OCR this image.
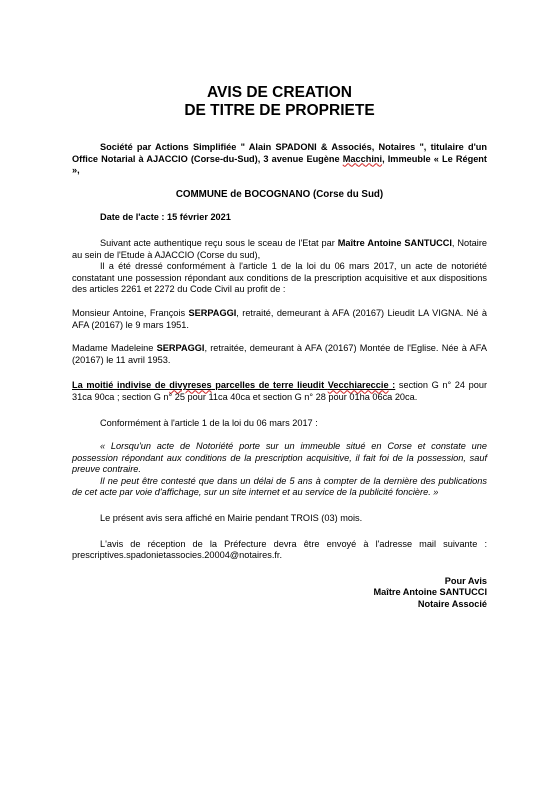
AVIS DE CREATION

DE TITRE DE PROPRIETE

Société par Actions Simplifiée " Alain SPADONI & Associés, Notaires ", titulaire d'un Office Notarial à AJACCIO (Corse-du-Sud), 3 avenue Eugène Macchini, Immeuble « Le Régent »,

COMMUNE de BOCOGNANO (Corse du Sud)

Date de l'acte : 15 février 2021

Suivant acte authentique reçu sous le sceau de l'Etat par Maître Antoine SANTUCCI, Notaire au sein de l'Etude à AJACCIO (Corse du sud),

Il a été dressé conformément à l'article 1 de la loi du 06 mars 2017, un acte de notoriété constatant une possession répondant aux conditions de la prescription acquisitive et aux dispositions des articles 2261 et 2272 du Code Civil au profit de :

Monsieur Antoine, François SERPAGGI, retraité, demeurant à AFA (20167) Lieudit LA VIGNA. Né à AFA (20167) le 9 mars 1951.

Madame Madeleine SERPAGGI, retraitée, demeurant à AFA (20167) Montée de l'Eglise. Née à AFA (20167) le 11 avril 1953.

La moitié indivise de divyreses parcelles de terre lieudit Vecchiareccie : section G n° 24 pour 31ca 90ca ; section G n° 25 pour 11ca 40ca et section G n° 28 pour 01ha 06ca 20ca.

Conformément à l'article 1 de la loi du 06 mars 2017 :

« Lorsqu'un acte de Notoriété porte sur un immeuble situé en Corse et constate une possession répondant aux conditions de la prescription acquisitive, il fait foi de la possession, sauf preuve contraire.

Il ne peut être contesté que dans un délai de 5 ans à compter de la dernière des publications de cet acte par voie d'affichage, sur un site internet et au service de la publicité foncière. »

Le présent avis sera affiché en Mairie pendant TROIS (03) mois.

L'avis de réception de la Préfecture devra être envoyé à l'adresse mail suivante : prescriptives.spadonietassocies.20004@notaires.fr.

Pour Avis

Maître Antoine SANTUCCI

Notaire Associé
